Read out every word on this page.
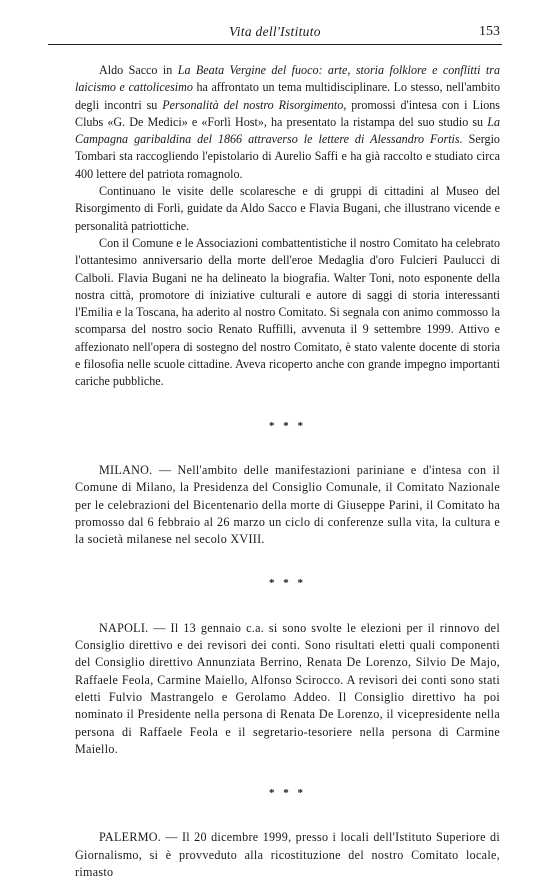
Vita dell'Istituto	153

Aldo Sacco in La Beata Vergine del fuoco: arte, storia folklore e conflitti tra laicismo e cattolicesimo ha affrontato un tema multidisciplinare. Lo stesso, nell'ambito degli incontri su Personalità del nostro Risorgimento, promossi d'intesa con i Lions Clubs «G. De Medici» e «Forlì Host», ha presentato la ristampa del suo studio su La Campagna garibaldina del 1866 attraverso le lettere di Alessandro Fortis. Sergio Tombari sta raccogliendo l'epistolario di Aurelio Saffi e ha già raccolto e studiato circa 400 lettere del patriota romagnolo.

Continuano le visite delle scolaresche e di gruppi di cittadini al Museo del Risorgimento di Forlì, guidate da Aldo Sacco e Flavia Bugani, che illustrano vicende e personalità patriottiche.

Con il Comune e le Associazioni combattentistiche il nostro Comitato ha celebrato l'ottantesimo anniversario della morte dell'eroe Medaglia d'oro Fulcieri Paulucci di Calboli. Flavia Bugani ne ha delineato la biografia. Walter Toni, noto esponente della nostra città, promotore di iniziative culturali e autore di saggi di storia interessanti l'Emilia e la Toscana, ha aderito al nostro Comitato. Si segnala con animo commosso la scomparsa del nostro socio Renato Ruffilli, avvenuta il 9 settembre 1999. Attivo e affezionato nell'opera di sostegno del nostro Comitato, è stato valente docente di storia e filosofia nelle scuole cittadine. Aveva ricoperto anche con grande impegno importanti cariche pubbliche.

* * *

MILANO. — Nell'ambito delle manifestazioni pariniane e d'intesa con il Comune di Milano, la Presidenza del Consiglio Comunale, il Comitato Nazionale per le celebrazioni del Bicentenario della morte di Giuseppe Parini, il Comitato ha promosso dal 6 febbraio al 26 marzo un ciclo di conferenze sulla vita, la cultura e la società milanese nel secolo XVIII.

* * *

NAPOLI. — Il 13 gennaio c.a. si sono svolte le elezioni per il rinnovo del Consiglio direttivo e dei revisori dei conti. Sono risultati eletti quali componenti del Consiglio direttivo Annunziata Berrino, Renata De Lorenzo, Silvio De Majo, Raffaele Feola, Carmine Maiello, Alfonso Scirocco. A revisori dei conti sono stati eletti Fulvio Mastrangelo e Gerolamo Addeo. Il Consiglio direttivo ha poi nominato il Presidente nella persona di Renata De Lorenzo, il vicepresidente nella persona di Raffaele Feola e il segretario-tesoriere nella persona di Carmine Maiello.

* * *

PALERMO. — Il 20 dicembre 1999, presso i locali dell'Istituto Superiore di Giornalismo, si è provveduto alla ricostituzione del nostro Comitato locale, rimasto
